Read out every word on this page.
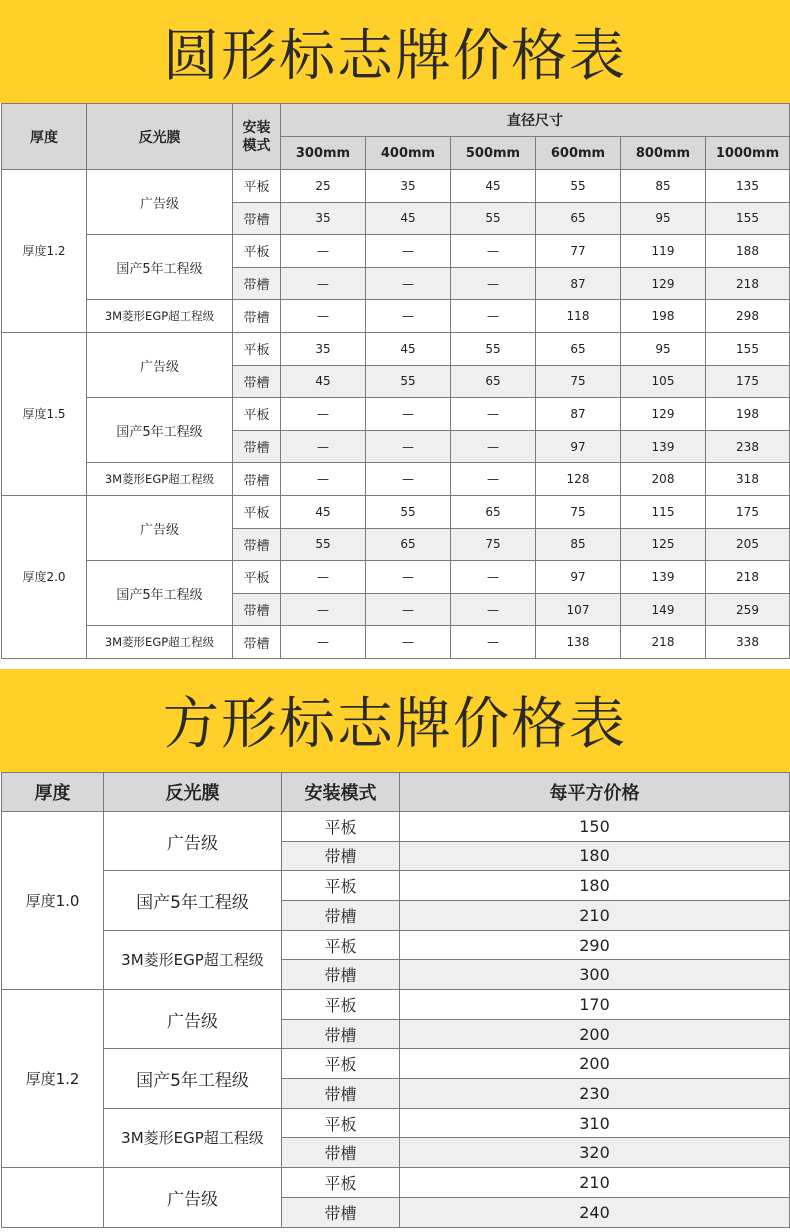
圆形标志牌价格表
厚度	反光膜	安装
模式	直径尺寸					
			300mm	400mm	500mm	600mm	800mm	1000mm
厚度1.2	广告级	平板	25	35	45	55	85	135
		带槽	35	45	55	65	95	155
	国产5年工程级	平板	—	—	—	77	119	188
		带槽	—	—	—	87	129	218
	3M菱形EGP超工程级	带槽	—	—	—	118	198	298
厚度1.5	广告级	平板	35	45	55	65	95	155
		带槽	45	55	65	75	105	175
	国产5年工程级	平板	—	—	—	87	129	198
		带槽	—	—	—	97	139	238
	3M菱形EGP超工程级	带槽	—	—	—	128	208	318
厚度2.0	广告级	平板	45	55	65	75	115	175
		带槽	55	65	75	85	125	205
	国产5年工程级	平板	—	—	—	97	139	218
		带槽	—	—	—	107	149	259
	3M菱形EGP超工程级	带槽	—	—	—	138	218	338
方形标志牌价格表
厚度	反光膜	安装模式	每平方价格
厚度1.0	广告级	平板	150
		带槽	180
	国产5年工程级	平板	180
		带槽	210
	3M菱形EGP超工程级	平板	290
		带槽	300
厚度1.2	广告级	平板	170
		带槽	200
	国产5年工程级	平板	200
		带槽	230
	3M菱形EGP超工程级	平板	310
		带槽	320
	广告级	平板	210
		带槽	240
